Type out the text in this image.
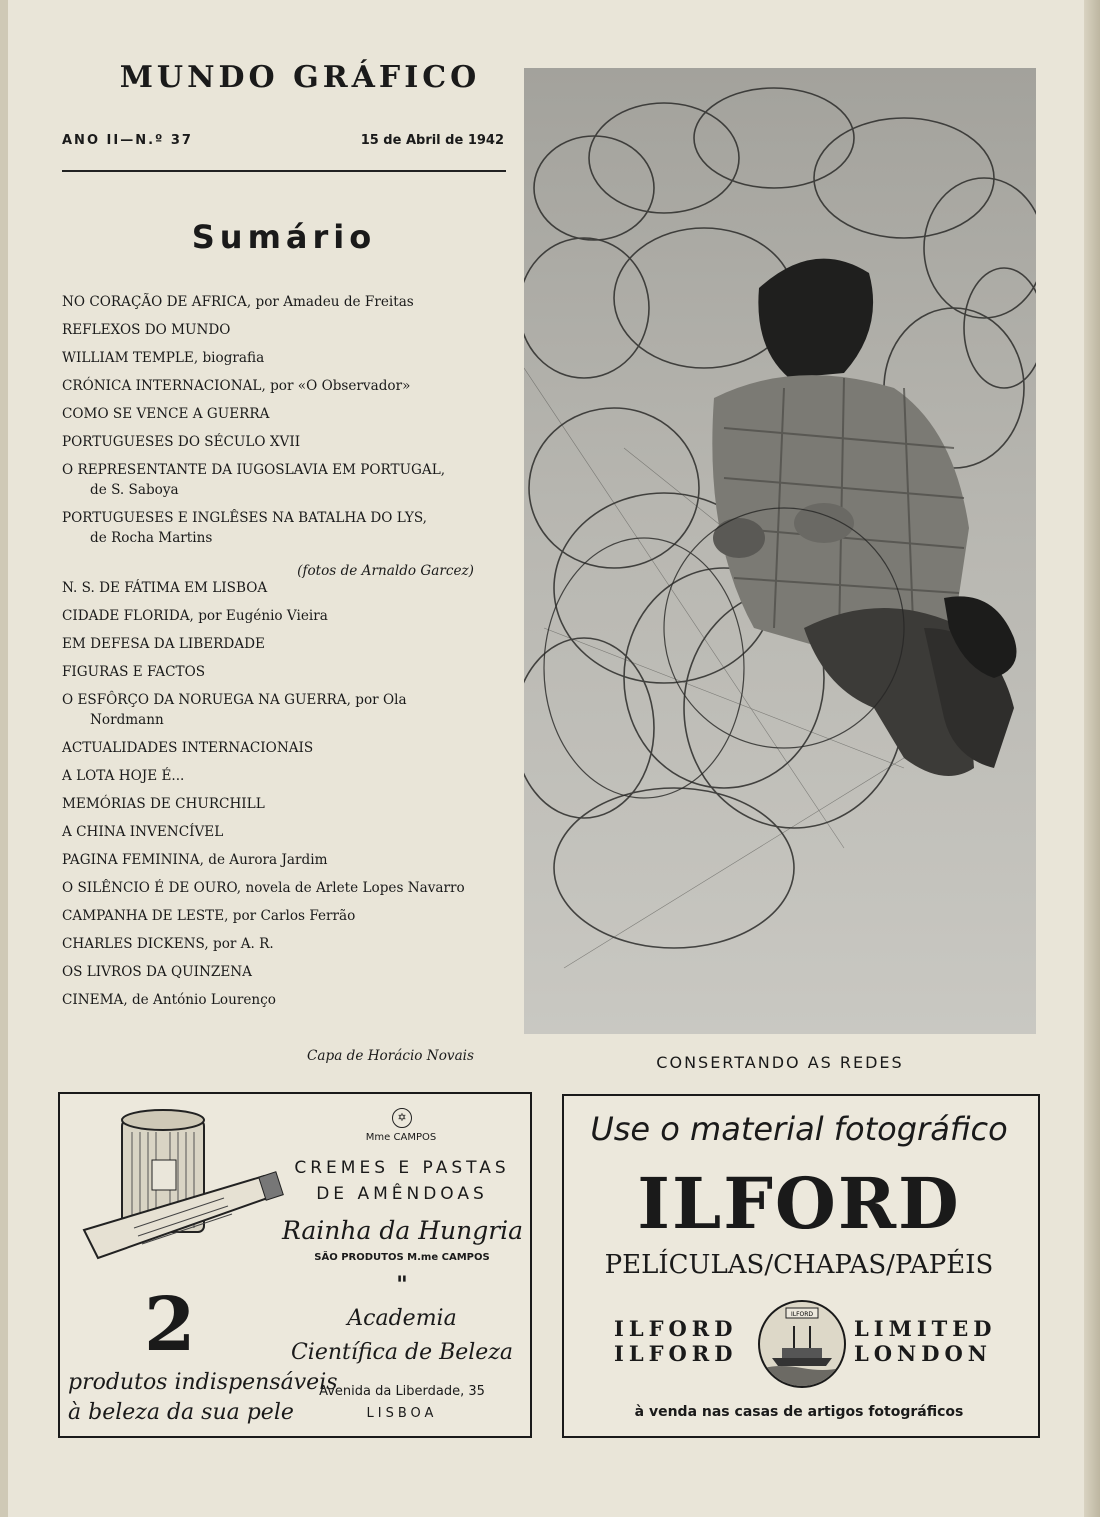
MUNDO GRÁFICO
ANO II—N.º 37	15 de Abril de 1942
Sumário
NO CORAÇÃO DE AFRICA, por Amadeu de Freitas
REFLEXOS DO MUNDO
WILLIAM TEMPLE, biografia
CRÓNICA INTERNACIONAL, por «O Observador»
COMO SE VENCE A GUERRA
PORTUGUESES DO SÉCULO XVII
O REPRESENTANTE DA IUGOSLAVIA EM PORTUGAL,
de S. Saboya
PORTUGUESES E INGLÊSES NA BATALHA DO LYS,
de Rocha Martins
N. S. DE FÁTIMA EM LISBOA
CIDADE FLORIDA, por Eugénio Vieira
EM DEFESA DA LIBERDADE
FIGURAS E FACTOS
O ESFÔRÇO DA NORUEGA NA GUERRA, por Ola
Nordmann
ACTUALIDADES INTERNACIONAIS
A LOTA HOJE É...
MEMÓRIAS DE CHURCHILL
A CHINA INVENCÍVEL
PAGINA FEMININA, de Aurora Jardim
O SILÊNCIO É DE OURO, novela de Arlete Lopes Navarro
CAMPANHA DE LESTE, por Carlos Ferrão
CHARLES DICKENS, por A. R.
OS LIVROS DA QUINZENA
CINEMA, de António Lourenço
(fotos de Arnaldo Garcez)
Capa de Horácio Novais	CONSERTANDO AS REDES
2
produtos indispensáveis
à beleza da sua pele
✡
Mme CAMPOS
CREMES E PASTAS
DE AMÊNDOAS
Rainha da Hungria
SÃO PRODUTOS M.me CAMPOS
"
Academia
Científica de Beleza
Avenida da Liberdade, 35
LISBOA
Use o material fotográfico
ILFORD
PELÍCULAS/CHAPAS/PAPÉIS
ILFORD
ILFORD
ILFORD
LIMITED
LONDON
à venda nas casas de artigos fotográficos
